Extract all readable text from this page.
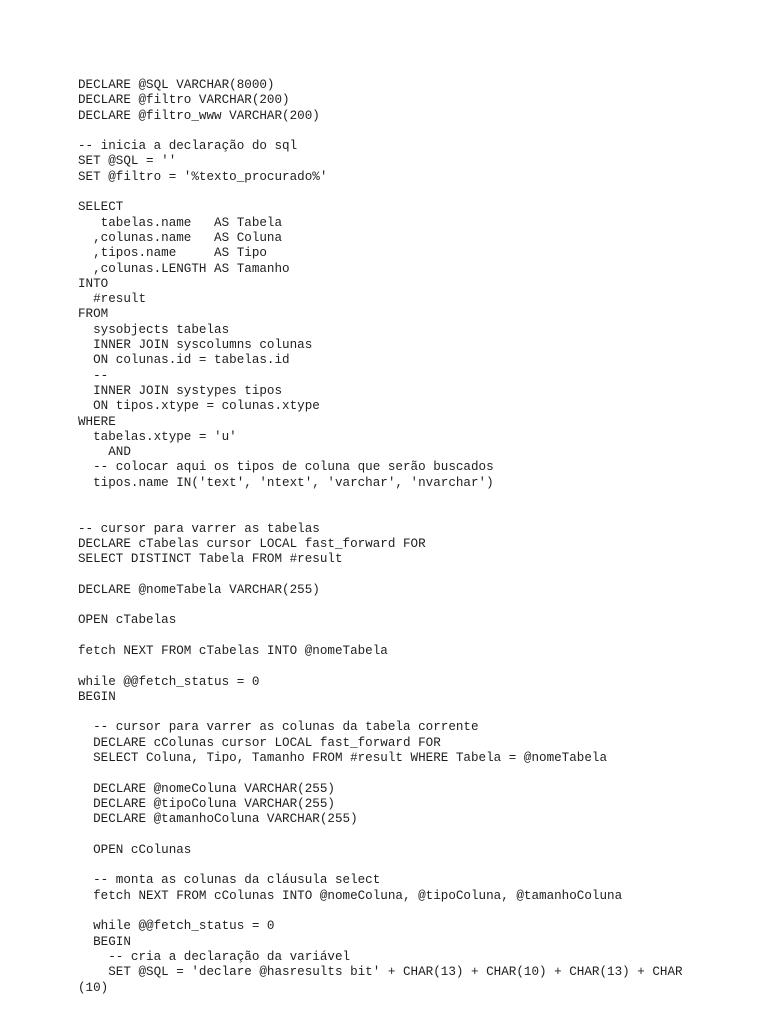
DECLARE @SQL VARCHAR(8000)
DECLARE @filtro VARCHAR(200)
DECLARE @filtro_www VARCHAR(200)
-- inicia a declaração do sql
SET @SQL = ''
SET @filtro = '%texto_procurado%'
SELECT
tabelas.name   AS Tabela
,colunas.name   AS Coluna
,tipos.name     AS Tipo
,colunas.LENGTH AS Tamanho
INTO
#result
FROM
sysobjects tabelas
INNER JOIN syscolumns colunas
ON colunas.id = tabelas.id
--
INNER JOIN systypes tipos
ON tipos.xtype = colunas.xtype
WHERE
tabelas.xtype = 'u'
AND
-- colocar aqui os tipos de coluna que serão buscados
tipos.name IN('text', 'ntext', 'varchar', 'nvarchar')
-- cursor para varrer as tabelas
DECLARE cTabelas cursor LOCAL fast_forward FOR
SELECT DISTINCT Tabela FROM #result
DECLARE @nomeTabela VARCHAR(255)
OPEN cTabelas
fetch NEXT FROM cTabelas INTO @nomeTabela
while @@fetch_status = 0
BEGIN
-- cursor para varrer as colunas da tabela corrente
DECLARE cColunas cursor LOCAL fast_forward FOR
SELECT Coluna, Tipo, Tamanho FROM #result WHERE Tabela = @nomeTabela
DECLARE @nomeColuna VARCHAR(255)
DECLARE @tipoColuna VARCHAR(255)
DECLARE @tamanhoColuna VARCHAR(255)
OPEN cColunas
-- monta as colunas da cláusula select
fetch NEXT FROM cColunas INTO @nomeColuna, @tipoColuna, @tamanhoColuna
while @@fetch_status = 0
BEGIN
-- cria a declaração da variável
SET @SQL = 'declare @hasresults bit' + CHAR(13) + CHAR(10) + CHAR(13) + CHAR
(10)
